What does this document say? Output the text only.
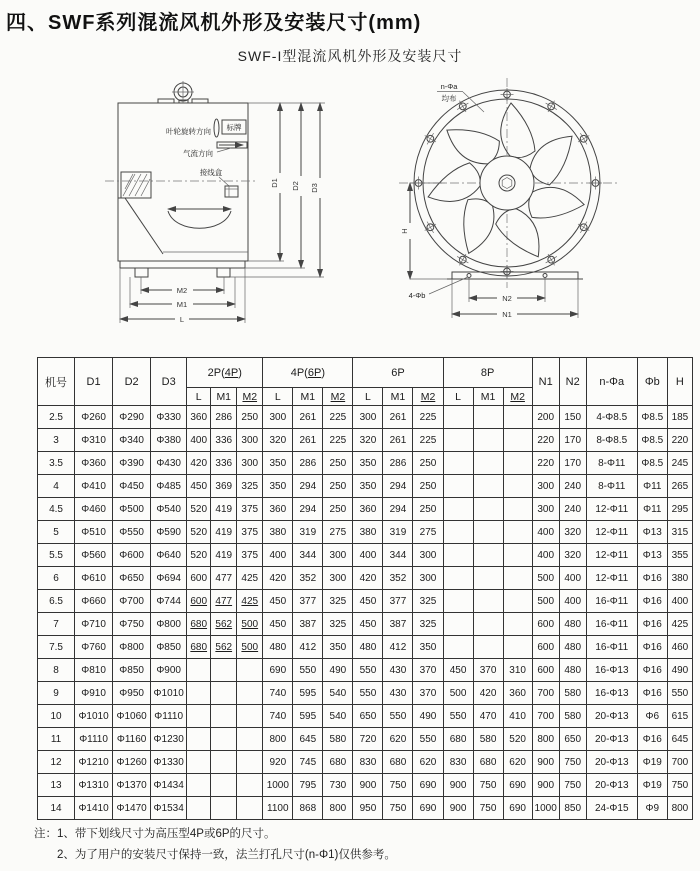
四、SWF系列混流风机外形及安装尺寸(mm)
SWF-I型混流风机外形及安装尺寸
叶轮旋转方向 标牌
气流方向
接线盒
M2
M1
L
D1 D2 D3
n-Φa
均布
4-Φb
H
N2
N1
机号	D1	D2	D3	2P(4P)			4P(6P)			6P			8P			N1	N2	n-Φa	Φb	H
				L	M1	M2	L	M1	M2	L	M1	M2	L	M1	M2					
2.5	Φ260	Φ290	Φ330	360	286	250	300	261	225	300	261	225				200	150	4-Φ8.5	Φ8.5	185
3	Φ310	Φ340	Φ380	400	336	300	320	261	225	320	261	225				220	170	8-Φ8.5	Φ8.5	220
3.5	Φ360	Φ390	Φ430	420	336	300	350	286	250	350	286	250				220	170	8-Φ11	Φ8.5	245
4	Φ410	Φ450	Φ485	450	369	325	350	294	250	350	294	250				300	240	8-Φ11	Φ11	265
4.5	Φ460	Φ500	Φ540	520	419	375	360	294	250	360	294	250				300	240	12-Φ11	Φ11	295
5	Φ510	Φ550	Φ590	520	419	375	380	319	275	380	319	275				400	320	12-Φ11	Φ13	315
5.5	Φ560	Φ600	Φ640	520	419	375	400	344	300	400	344	300				400	320	12-Φ11	Φ13	355
6	Φ610	Φ650	Φ694	600	477	425	420	352	300	420	352	300				500	400	12-Φ11	Φ16	380
6.5	Φ660	Φ700	Φ744	600	477	425	450	377	325	450	377	325				500	400	16-Φ11	Φ16	400
7	Φ710	Φ750	Φ800	680	562	500	450	387	325	450	387	325				600	480	16-Φ11	Φ16	425
7.5	Φ760	Φ800	Φ850	680	562	500	480	412	350	480	412	350				600	480	16-Φ11	Φ16	460
8	Φ810	Φ850	Φ900				690	550	490	550	430	370	450	370	310	600	480	16-Φ13	Φ16	490
9	Φ910	Φ950	Φ1010				740	595	540	550	430	370	500	420	360	700	580	16-Φ13	Φ16	550
10	Φ1010	Φ1060	Φ1110				740	595	540	650	550	490	550	470	410	700	580	20-Φ13	Φ6	615
11	Φ1110	Φ1160	Φ1230				800	645	580	720	620	550	680	580	520	800	650	20-Φ13	Φ16	645
12	Φ1210	Φ1260	Φ1330				920	745	680	830	680	620	830	680	620	900	750	20-Φ13	Φ19	700
13	Φ1310	Φ1370	Φ1434				1000	795	730	900	750	690	900	750	690	900	750	20-Φ13	Φ19	750
14	Φ1410	Φ1470	Φ1534				1100	868	800	950	750	690	900	750	690	1000	850	24-Φ15	Φ9	800
注：1、带下划线尺寸为高压型4P或6P的尺寸。
2、为了用户的安装尺寸保持一致，法兰打孔尺寸(n-Φ1)仅供参考。
